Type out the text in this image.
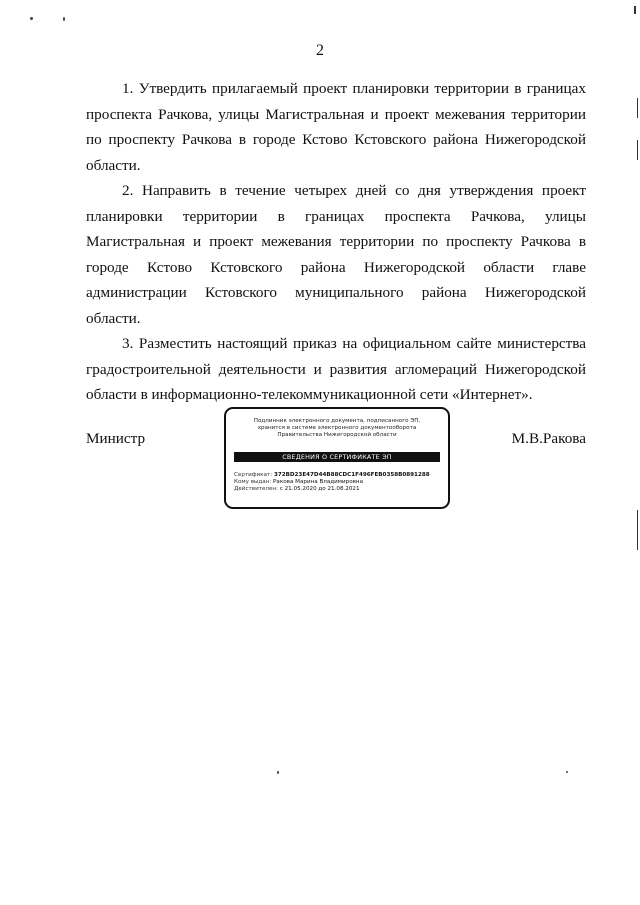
2

1. Утвердить прилагаемый проект планировки территории в границах проспекта Рачкова, улицы Магистральная и проект межевания территории по проспекту Рачкова в городе Кстово Кстовского района Нижегородской области.

2. Направить в течение четырех дней со дня утверждения проект планировки территории в границах проспекта Рачкова, улицы Магистральная и проект межевания территории по проспекту Рачкова в городе Кстово Кстовского района Нижегородской области главе администрации Кстовского муниципального района Нижегородской области.

3. Разместить настоящий приказ на официальном сайте министерства градостроительной деятельности и развития агломераций Нижегородской области в информационно-телекоммуникационной сети «Интернет».

Министр	М.В.Ракова
Подлинник электронного документа, подписанного ЭП,
хранится в системе электронного документооборота
Правительства Нижегородской области
СВЕДЕНИЯ О СЕРТИФИКАТЕ ЭП
Сертификат: 372BD23E47D44B88CDC1F496FEB0358B0891288
Кому выдан: Ракова Марина Владимировна
Действителен: с 21.05.2020 до 21.08.2021
